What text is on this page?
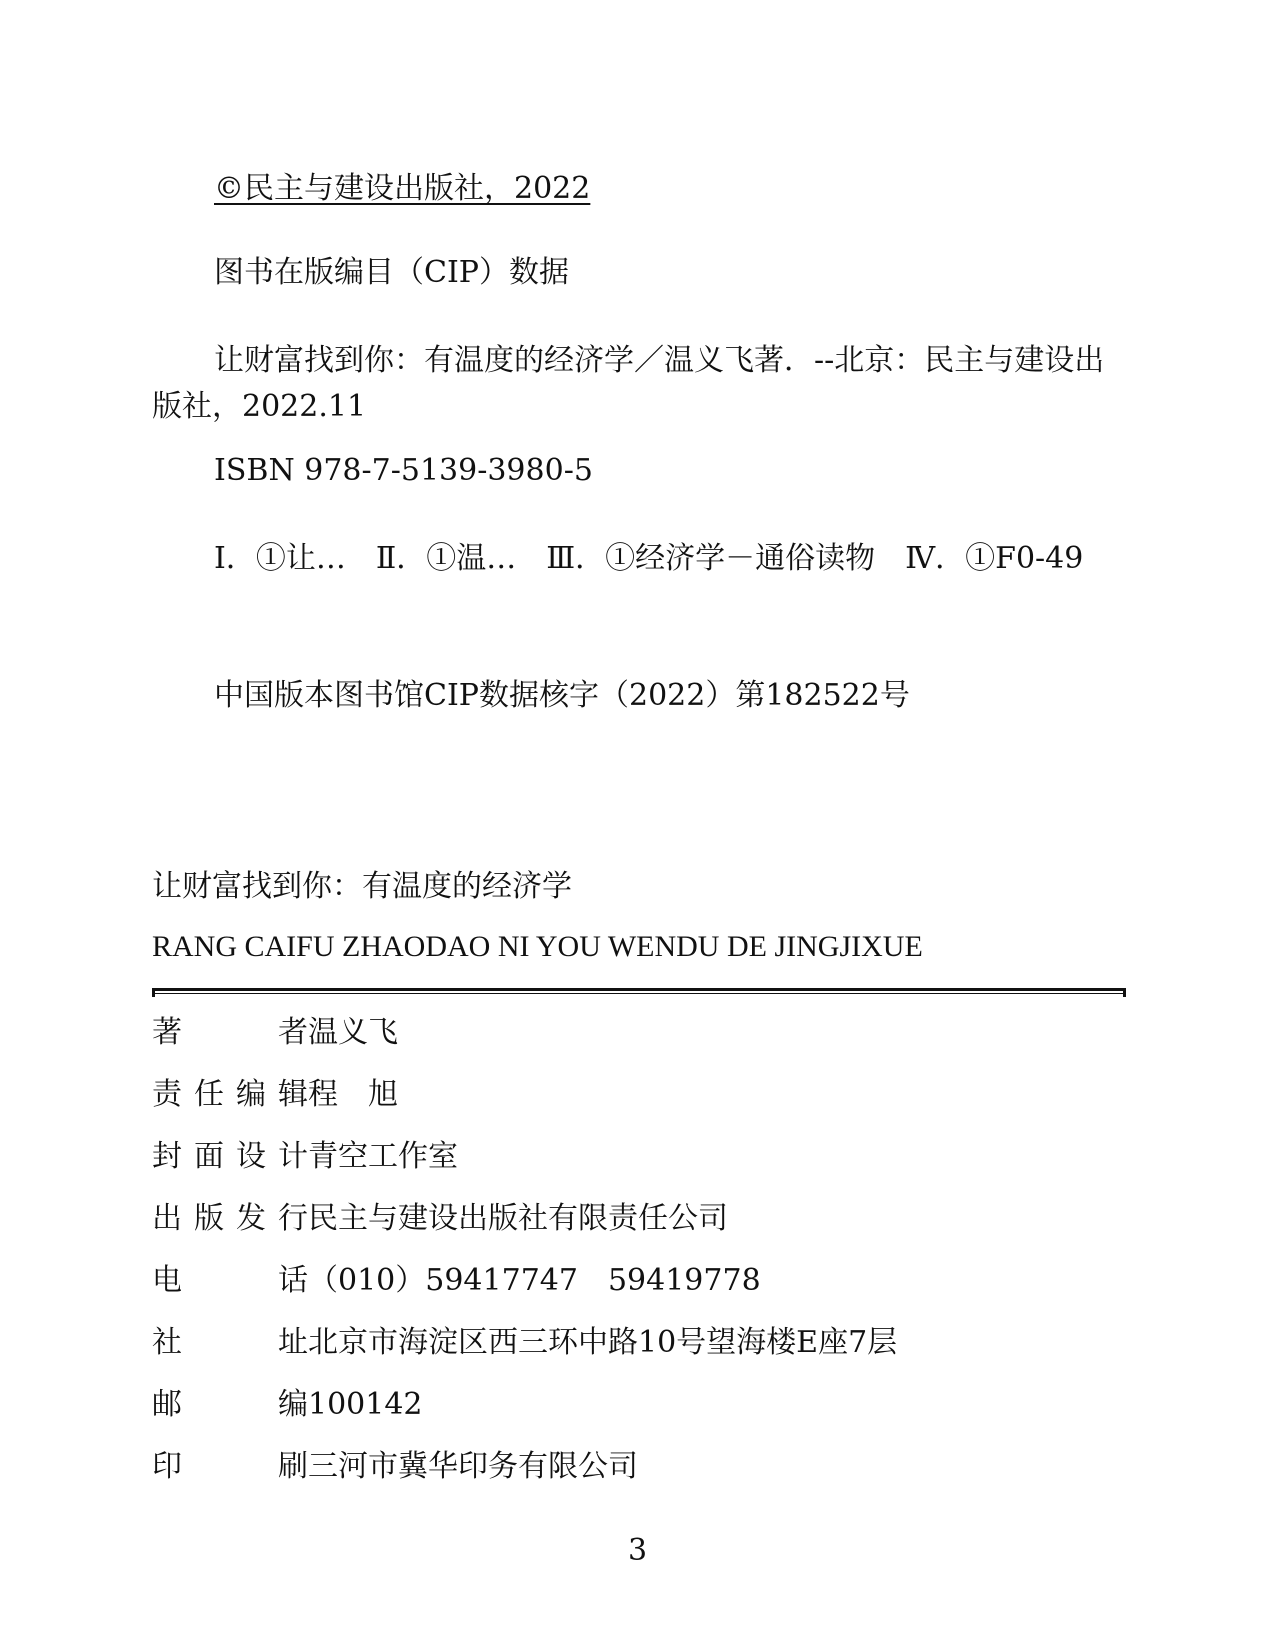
©民主与建设出版社，2022
图书在版编目（CIP）数据

让财富找到你：有温度的经济学／温义飞著．--北京：民主与建设出版社，2022.11

ISBN 978-7-5139-3980-5

Ⅰ．①让…　Ⅱ．①温…　Ⅲ．①经济学－通俗读物　Ⅳ．①F0-49

中国版本图书馆CIP数据核字（2022）第182522号
让财富找到你：有温度的经济学
RANG CAIFU ZHAODAO NI YOU WENDU DE JINGJIXUE
著者温义飞
责任编辑程　旭
封面设计青空工作室
出版发行民主与建设出版社有限责任公司
电话（010）59417747　59419778
社址北京市海淀区西三环中路10号望海楼E座7层
邮编100142
印刷三河市冀华印务有限公司
3
